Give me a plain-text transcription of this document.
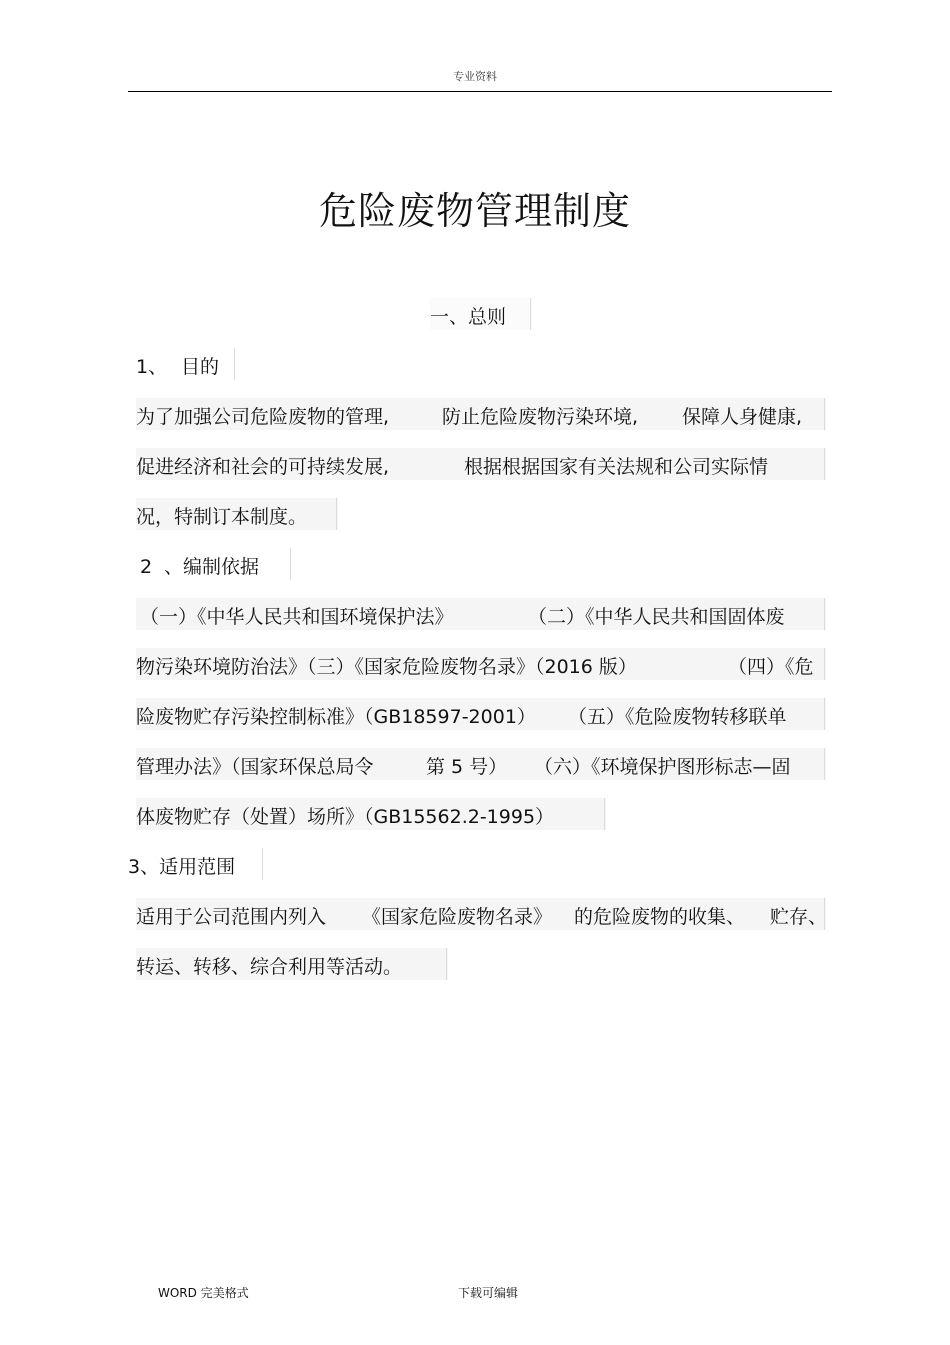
专业资料
危险废物管理制度
一、总则
1、 目的
为了加强公司危险废物的管理,	防止危险废物污染环境, 保障人身健康,
促进经济和社会的可持续发展,	根据根据国家有关法规和公司实际情
况，特制订本制度。
2 、编制依据
（一）《中华人民共和国环境保护法》	（二）《中华人民共和国固体废
物污染环境防治法》（三）《国家危险废物名录》（2016 版）	（四）《危
险废物贮存污染控制标准》（GB18597-2001） （五）《危险废物转移联单
管理办法》（国家环保总局令	第 5 号） （六）《环境保护图形标志—固
体废物贮存（处置）场所》（GB15562.2-1995）
3、适用范围
适用于公司范围内列入 《国家危险废物名录》 的危险废物的收集、 贮存、
转运、转移、综合利用等活动。
WORD 完美格式	下载可编辑
